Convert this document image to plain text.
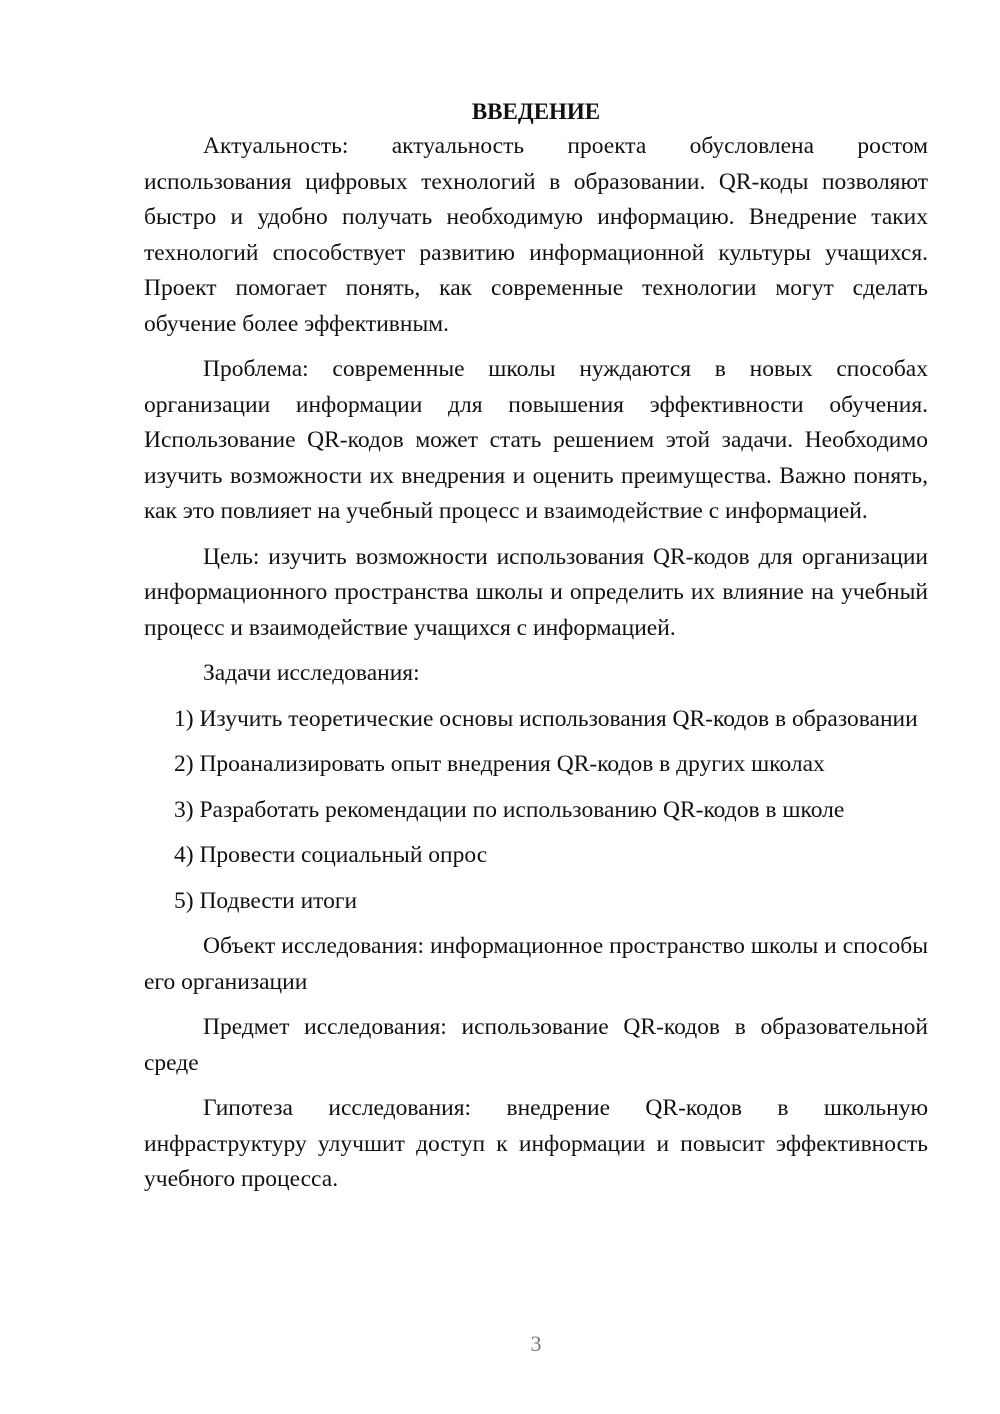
ВВЕДЕНИЕ

Актуальность: актуальность проекта обусловлена ростом использования цифровых технологий в образовании. QR-коды позволяют быстро и удобно получать необходимую информацию. Внедрение таких технологий способствует развитию информационной культуры учащихся. Проект помогает понять, как современные технологии могут сделать обучение более эффективным.

Проблема: современные школы нуждаются в новых способах организации информации для повышения эффективности обучения. Использование QR-кодов может стать решением этой задачи. Необходимо изучить возможности их внедрения и оценить преимущества. Важно понять, как это повлияет на учебный процесс и взаимодействие с информацией.

Цель: изучить возможности использования QR-кодов для организации информационного пространства школы и определить их влияние на учебный процесс и взаимодействие учащихся с информацией.

Задачи исследования:

1) Изучить теоретические основы использования QR-кодов в образовании

2) Проанализировать опыт внедрения QR-кодов в других школах

3) Разработать рекомендации по использованию QR-кодов в школе

4) Провести социальный опрос

5) Подвести итоги

Объект исследования: информационное пространство школы и способы его организации

Предмет исследования: использование QR-кодов в образовательной среде

Гипотеза исследования: внедрение QR-кодов в школьную инфраструктуру улучшит доступ к информации и повысит эффективность учебного процесса.

3
